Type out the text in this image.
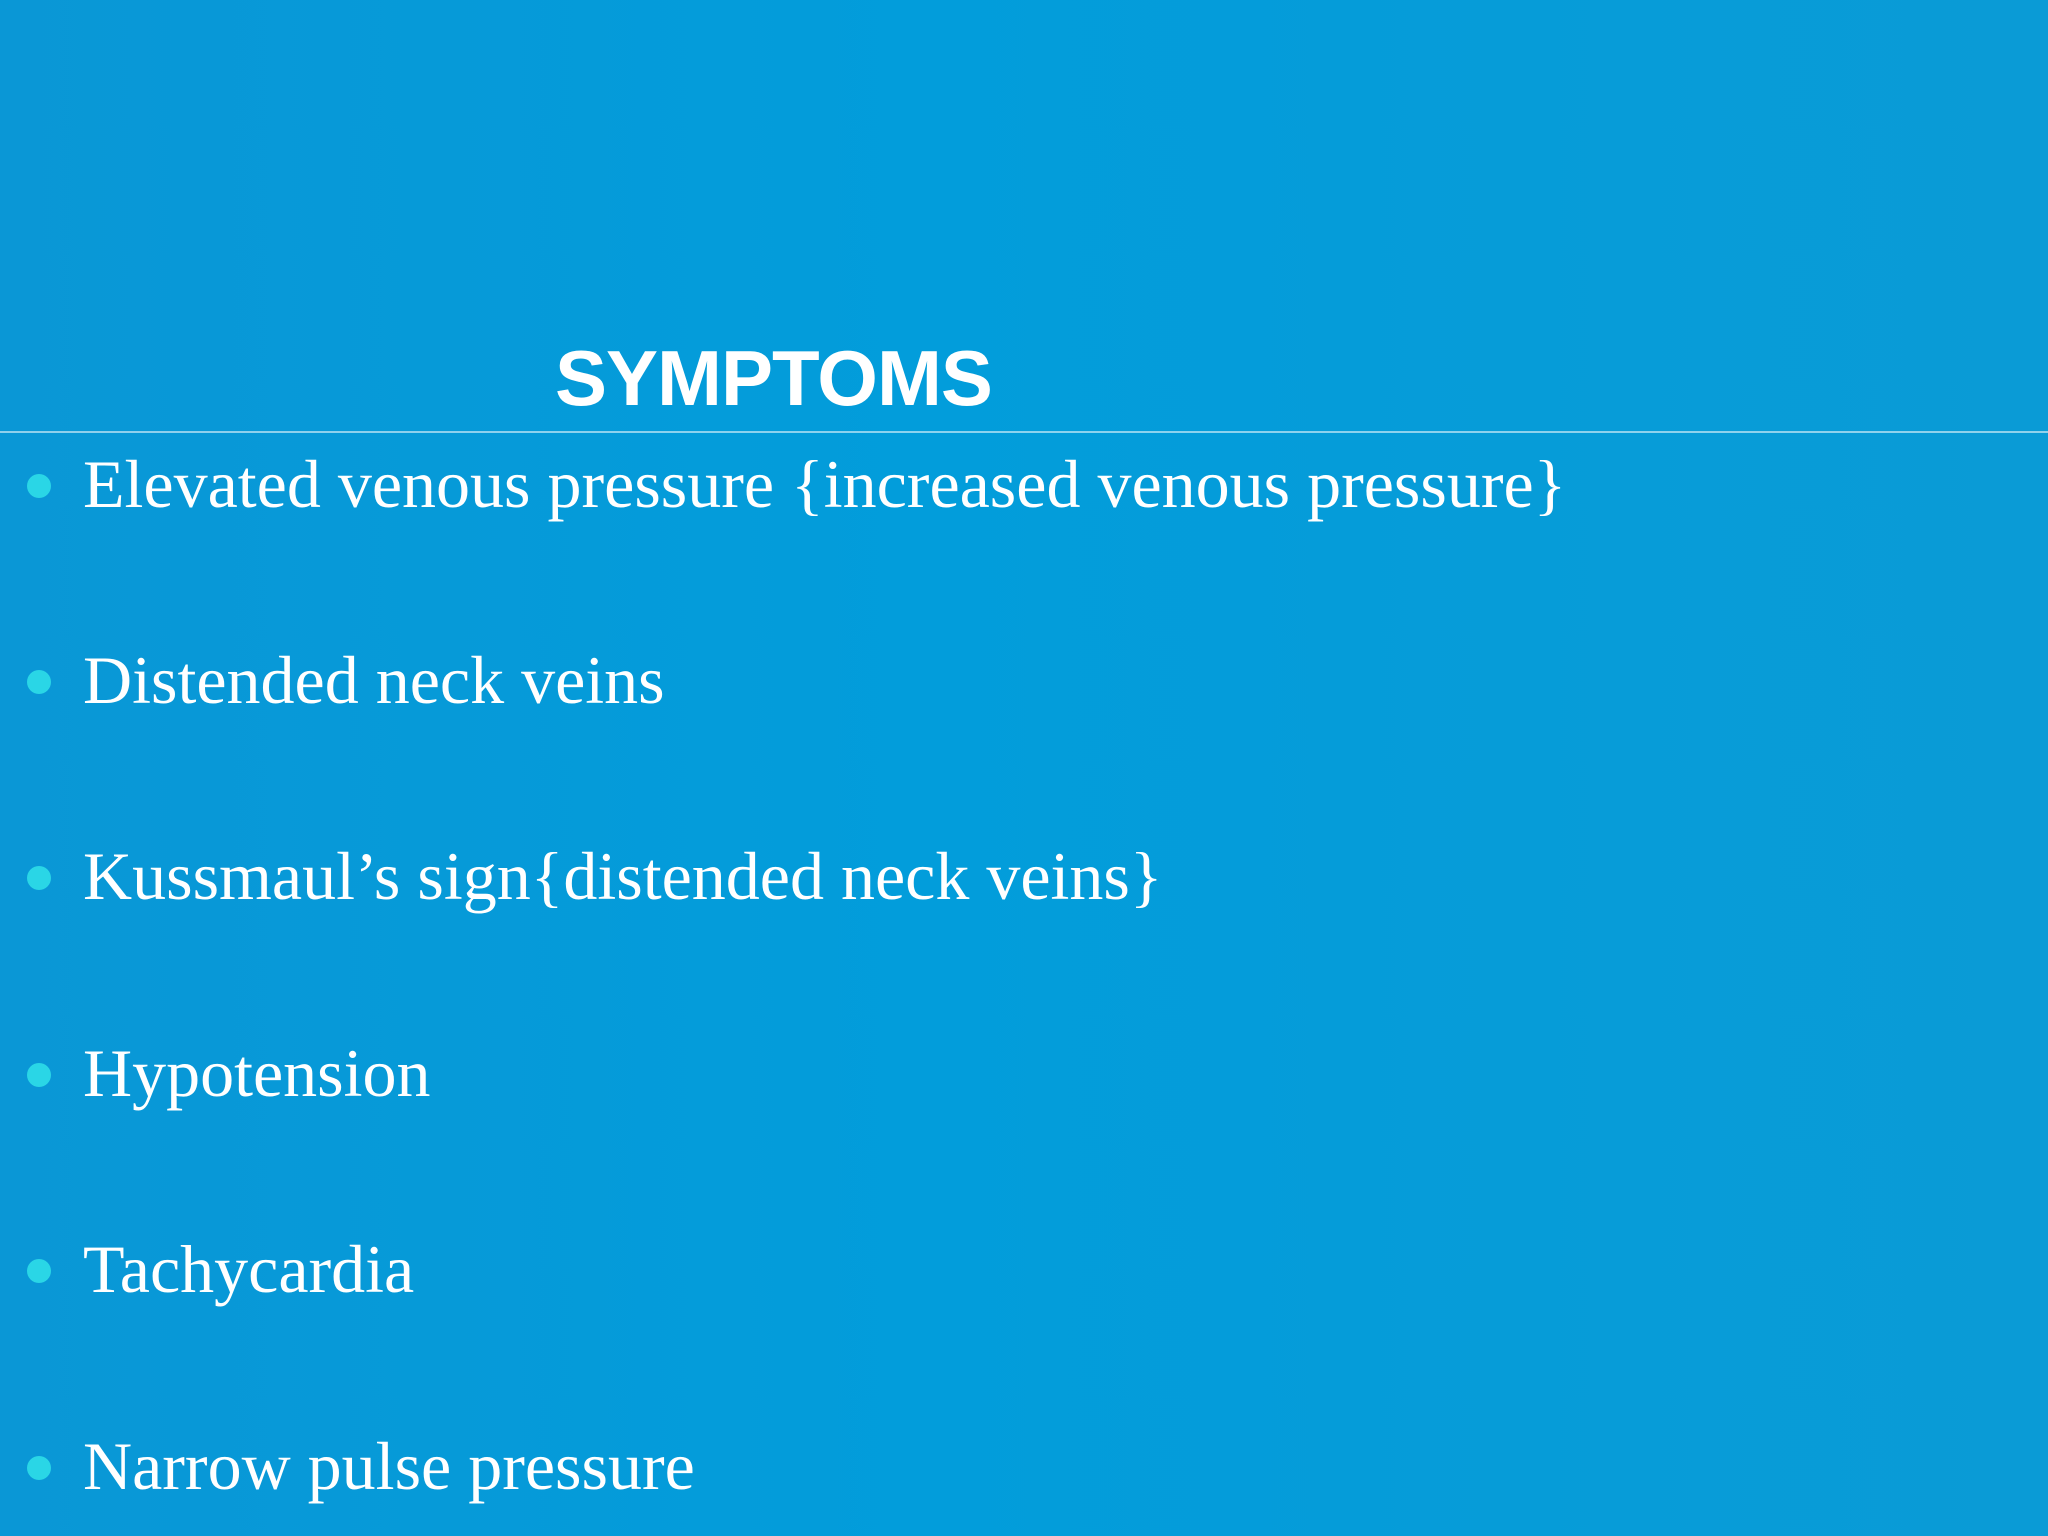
SYMPTOMS
Elevated venous pressure {increased venous pressure}
Distended neck veins
Kussmaul’s sign{distended neck veins}
Hypotension
Tachycardia
Narrow pulse pressure
